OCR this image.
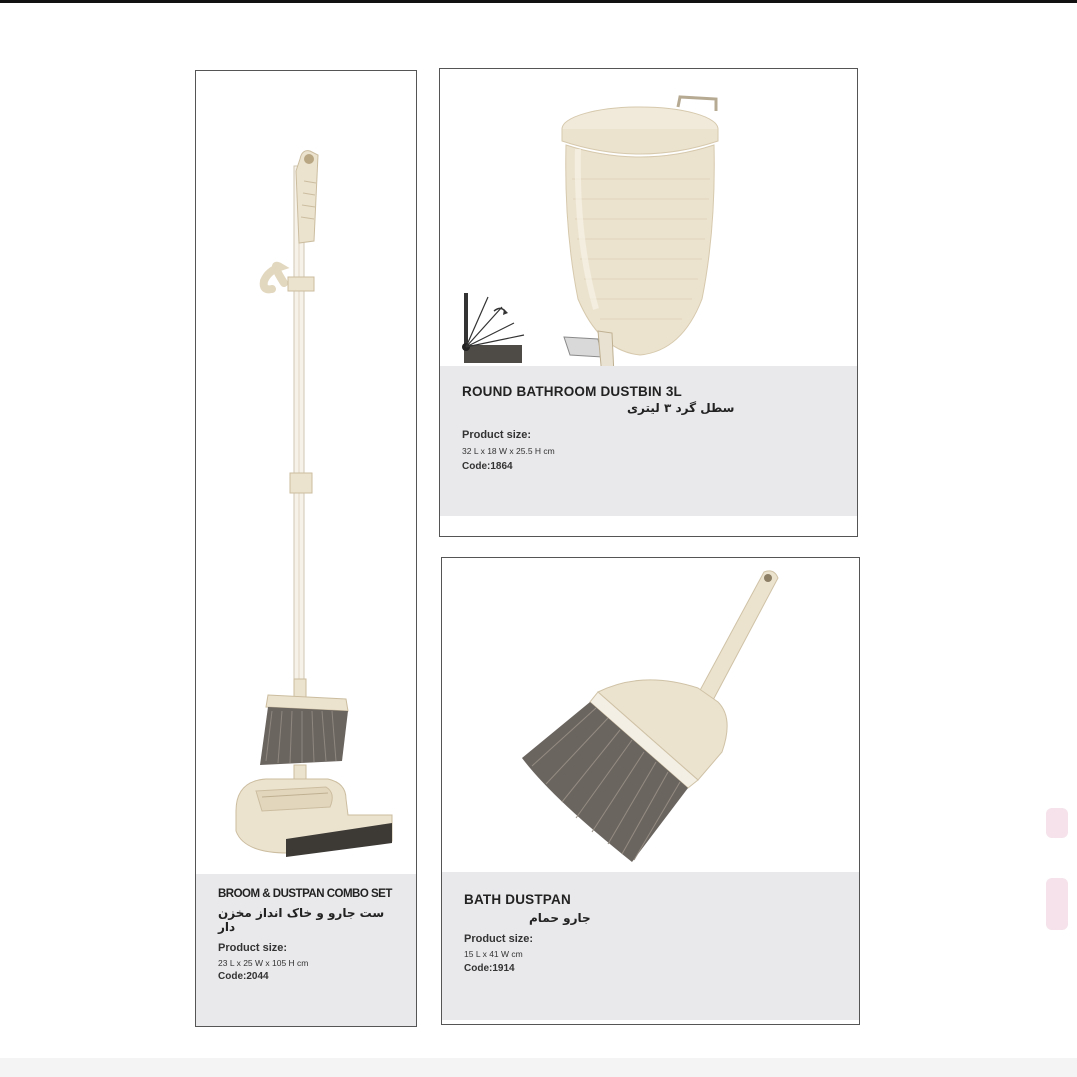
BROOM & DUSTPAN COMBO SET
ست جارو و خاک انداز مخزن دار
Product size:
23 L x 25 W x 105 H cm
Code:2044
ROUND BATHROOM DUSTBIN 3L
سطل گرد ۳ لیتری
Product size:
32 L x 18 W x 25.5 H cm
Code:1864
BATH DUSTPAN
جارو حمام
Product size:
15 L x 41 W cm
Code:1914
